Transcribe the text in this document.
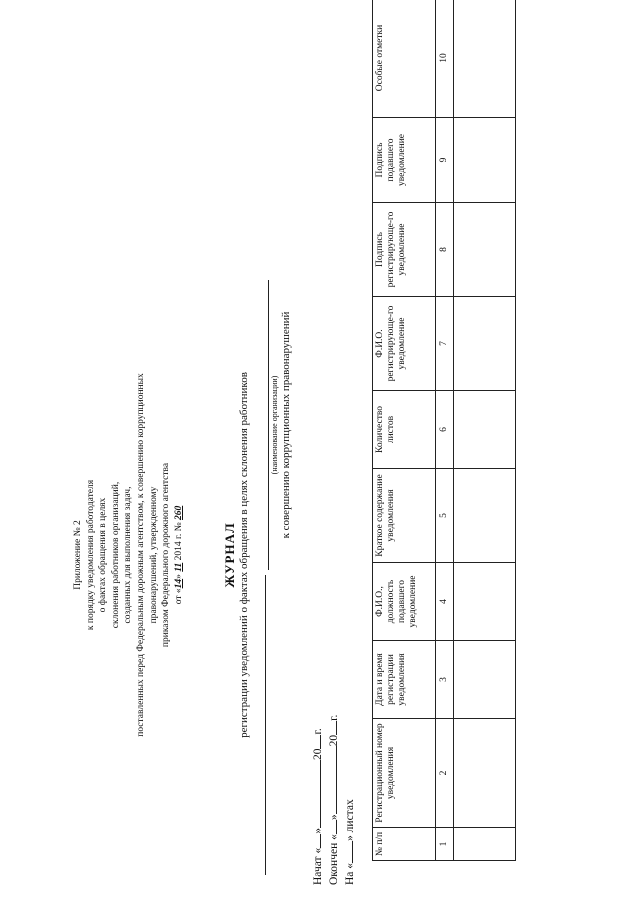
Приложение № 2 к порядку уведомления работодателя о фактах обращения в целях склонения работников организаций, созданных для выполнения задач, поставленных перед Федеральным дорожным агентством, к совершению коррупционных правонарушений, утвержденному приказом Федерального дорожного агентства от «14» 11 2014 г. № 260
ЖУРНАЛ регистрации уведомлений о фактах обращения в целях склонения работников	(наименование организации) к совершению коррупционных правонарушений
Начат «»20г.
Окончен «»20г.
На «» листах
№ п/п	Регистрационный номер уведомления	Дата и время регистрации уведомления	Ф.И.О., должность подавшего уведомление	Краткое содержание уведомления	Количество листов	Ф.И.О. регистрирующе-го уведомление	Подпись регистрирующе-го уведомление	Подпись подавшего уведомление	Особые отметки
1	2	3	4	5	6	7	8	9	10
